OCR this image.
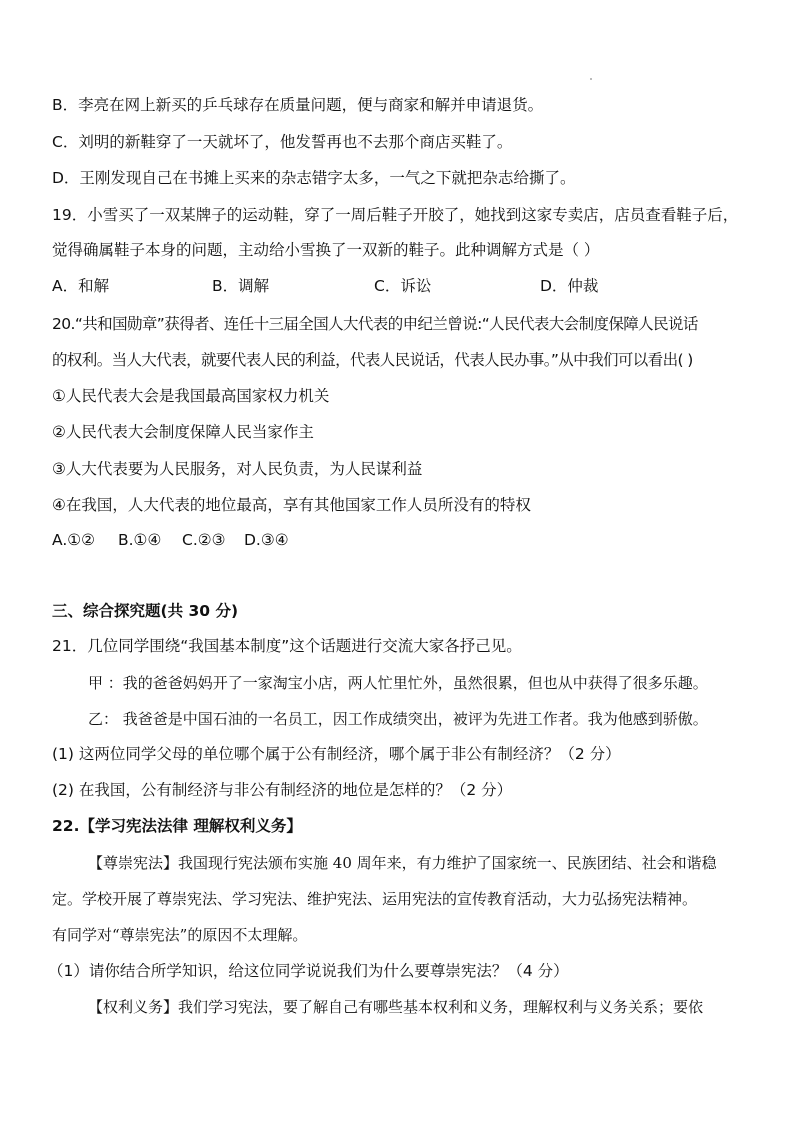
B．李亮在网上新买的乒乓球存在质量问题，便与商家和解并申请退货。
C．刘明的新鞋穿了一天就坏了，他发誓再也不去那个商店买鞋了。
D．王刚发现自己在书摊上买来的杂志错字太多，一气之下就把杂志给撕了。
19．小雪买了一双某牌子的运动鞋，穿了一周后鞋子开胶了，她找到这家专卖店，店员查看鞋子后，
觉得确属鞋子本身的问题，主动给小雪换了一双新的鞋子。此种调解方式是（ ）
A．和解	B．调解	C．诉讼	D．仲裁
20.“共和国勋章”获得者、连任十三届全国人大代表的申纪兰曾说:“人民代表大会制度保障人民说话
的权利。当人大代表，就要代表人民的利益，代表人民说话，代表人民办事。”从中我们可以看出( )
①人民代表大会是我国最高国家权力机关
②人民代表大会制度保障人民当家作主
③人大代表要为人民服务，对人民负责，为人民谋利益
④在我国，人大代表的地位最高，享有其他国家工作人员所没有的特权
A.①②	B.①④	C.②③	D.③④
三、综合探究题(共 30 分)
21．几位同学围绕“我国基本制度”这个话题进行交流大家各抒己见。
甲 ：我的爸爸妈妈开了一家淘宝小店，两人忙里忙外，虽然很累，但也从中获得了很多乐趣。
乙： 我爸爸是中国石油的一名员工，因工作成绩突出，被评为先进工作者。我为他感到骄傲。
(1) 这两位同学父母的单位哪个属于公有制经济，哪个属于非公有制经济？（2 分）
(2) 在我国，公有制经济与非公有制经济的地位是怎样的？（2 分）
22.【学习宪法法律 理解权利义务】
【尊崇宪法】我国现行宪法颁布实施 40 周年来，有力维护了国家统一、民族团结、社会和谐稳
定。学校开展了尊崇宪法、学习宪法、维护宪法、运用宪法的宣传教育活动，大力弘扬宪法精神。
有同学对“尊崇宪法”的原因不太理解。
（1）请你结合所学知识，给这位同学说说我们为什么要尊崇宪法？（4 分）
【权利义务】我们学习宪法，要了解自己有哪些基本权利和义务，理解权利与义务关系；要依
